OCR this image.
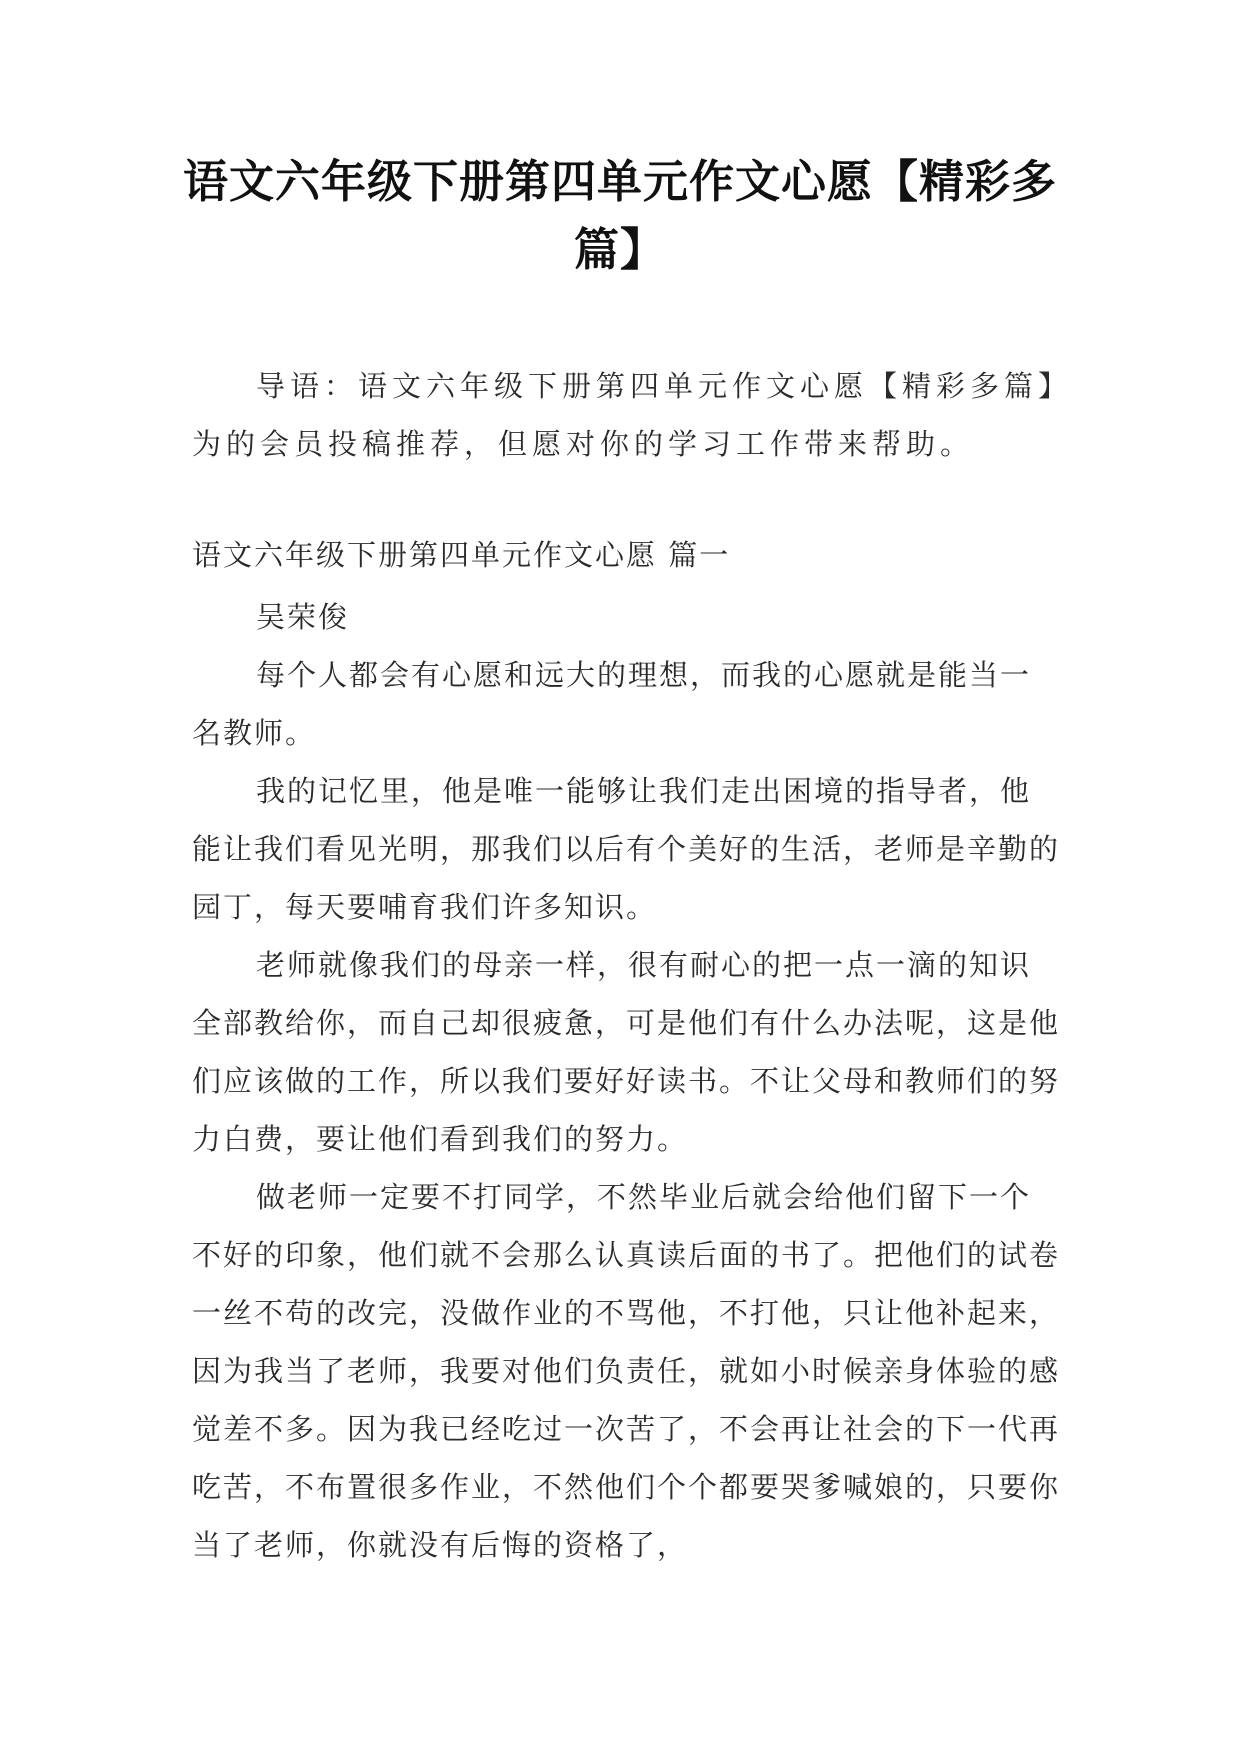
语文六年级下册第四单元作文心愿【精彩多篇】
导语：语文六年级下册第四单元作文心愿【精彩多篇】为的会员投稿推荐，但愿对你的学习工作带来帮助。
语文六年级下册第四单元作文心愿 篇一

吴荣俊

每个人都会有心愿和远大的理想，而我的心愿就是能当一名教师。

我的记忆里，他是唯一能够让我们走出困境的指导者，他能让我们看见光明，那我们以后有个美好的生活，老师是辛勤的园丁，每天要哺育我们许多知识。

老师就像我们的母亲一样，很有耐心的把一点一滴的知识全部教给你，而自己却很疲惫，可是他们有什么办法呢，这是他们应该做的工作，所以我们要好好读书。不让父母和教师们的努力白费，要让他们看到我们的努力。

做老师一定要不打同学，不然毕业后就会给他们留下一个不好的印象，他们就不会那么认真读后面的书了。把他们的试卷一丝不苟的改完，没做作业的不骂他，不打他，只让他补起来，因为我当了老师，我要对他们负责任，就如小时候亲身体验的感觉差不多。因为我已经吃过一次苦了，不会再让社会的下一代再吃苦，不布置很多作业，不然他们个个都要哭爹喊娘的，只要你当了老师，你就没有后悔的资格了，
